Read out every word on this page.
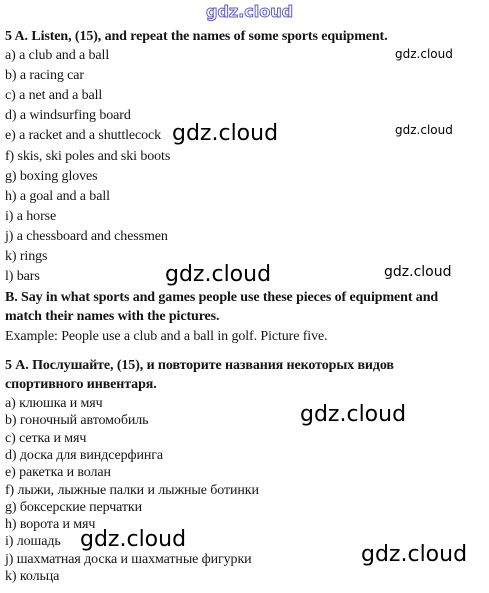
gdz.cloud
gdz.cloud
gdz.cloud
gdz.cloud
gdz.cloud	gdz.cloud
gdz.cloud
gdz.cloud
gdz.cloud
5 A. Listen, (15), and repeat the names of some sports equipment.
a) a club and a ball
b) a racing car
c) a net and a ball
d) a windsurfing board
e) a racket and a shuttlecock
f) skis, ski poles and ski boots
g) boxing gloves
h) a goal and a ball
i) a horse
j) a chessboard and chessmen
k) rings
l) bars
B. Say in what sports and games people use these pieces of equipment and
match their names with the pictures.
Example: People use a club and a ball in golf. Picture five.
5 А. Послушайте, (15), и повторите названия некоторых видов
спортивного инвентаря.
a) клюшка и мяч
b) гоночный автомобиль
c) сетка и мяч
d) доска для виндсерфинга
e) ракетка и волан
f) лыжи, лыжные палки и лыжные ботинки
g) боксерские перчатки
h) ворота и мяч
i) лошадь
j) шахматная доска и шахматные фигурки
k) кольца
